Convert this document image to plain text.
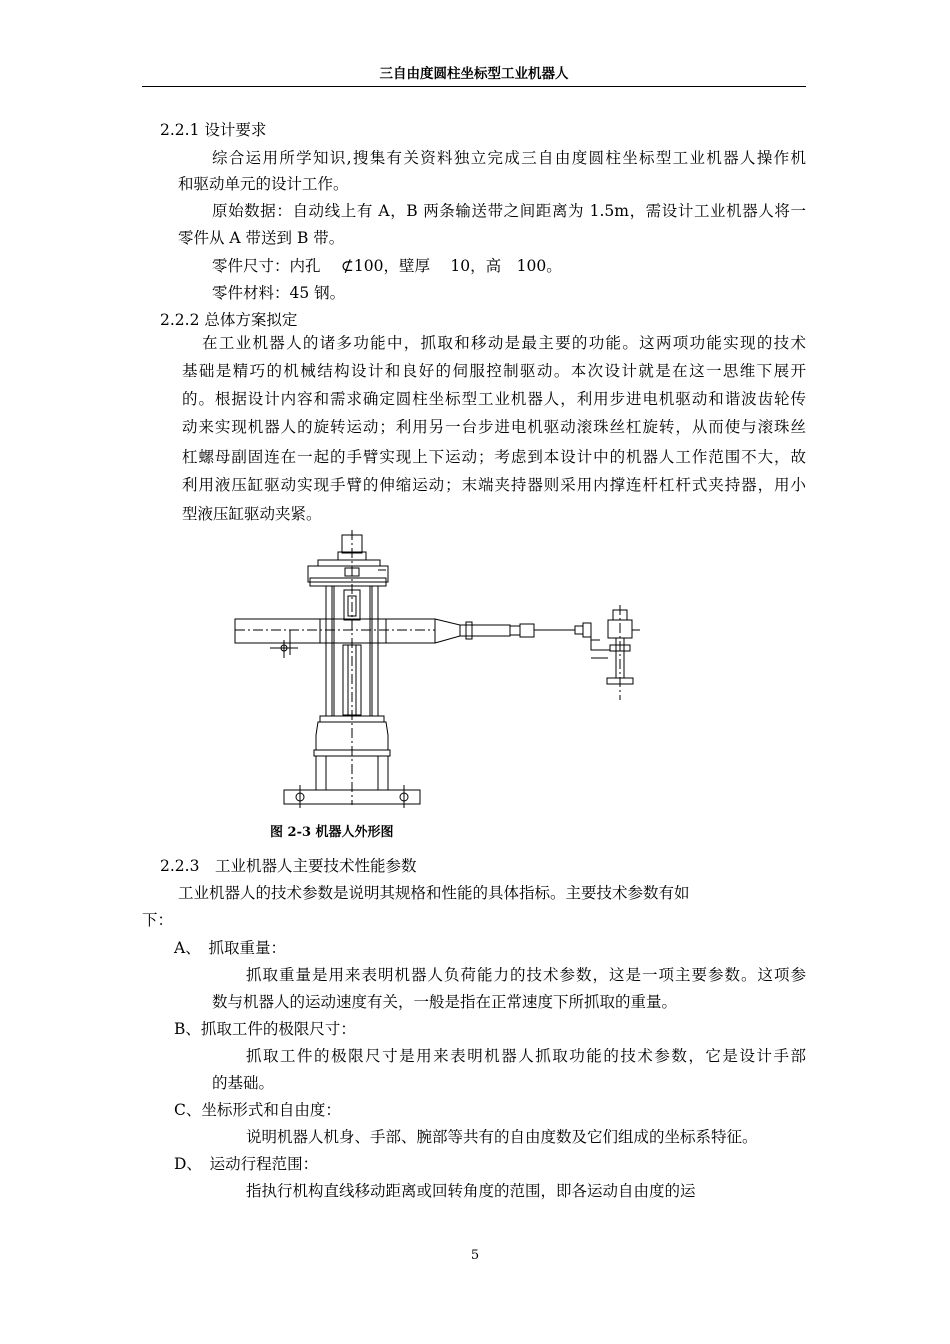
三自由度圆柱坐标型工业机器人
2.2.1 设计要求
综合运用所学知识,搜集有关资料独立完成三自由度圆柱坐标型工业机器人操作机
和驱动单元的设计工作。
原始数据：自动线上有 A，B 两条输送带之间距离为 1.5m，需设计工业机器人将一
零件从 A 带送到 B 带。
零件尺寸：内孔　 ⊄100，壁厚　 10，高　100。
零件材料：45 钢。
2.2.2 总体方案拟定
在工业机器人的诸多功能中，抓取和移动是最主要的功能。这两项功能实现的技术
基础是精巧的机械结构设计和良好的伺服控制驱动。本次设计就是在这一思维下展开
的。根据设计内容和需求确定圆柱坐标型工业机器人，利用步进电机驱动和谐波齿轮传
动来实现机器人的旋转运动；利用另一台步进电机驱动滚珠丝杠旋转，从而使与滚珠丝
杠螺母副固连在一起的手臂实现上下运动；考虑到本设计中的机器人工作范围不大，故
利用液压缸驱动实现手臂的伸缩运动；末端夹持器则采用内撑连杆杠杆式夹持器，用小
型液压缸驱动夹紧。
图 2-3 机器人外形图
2.2.3　工业机器人主要技术性能参数
工业机器人的技术参数是说明其规格和性能的具体指标。主要技术参数有如
下：
A、　抓取重量：
抓取重量是用来表明机器人负荷能力的技术参数，这是一项主要参数。这项参
数与机器人的运动速度有关，一般是指在正常速度下所抓取的重量。
B、抓取工件的极限尺寸：
抓取工件的极限尺寸是用来表明机器人抓取功能的技术参数，它是设计手部
的基础。
C、坐标形式和自由度：
说明机器人机身、手部、腕部等共有的自由度数及它们组成的坐标系特征。
D、　运动行程范围：
指执行机构直线移动距离或回转角度的范围，即各运动自由度的运
5
